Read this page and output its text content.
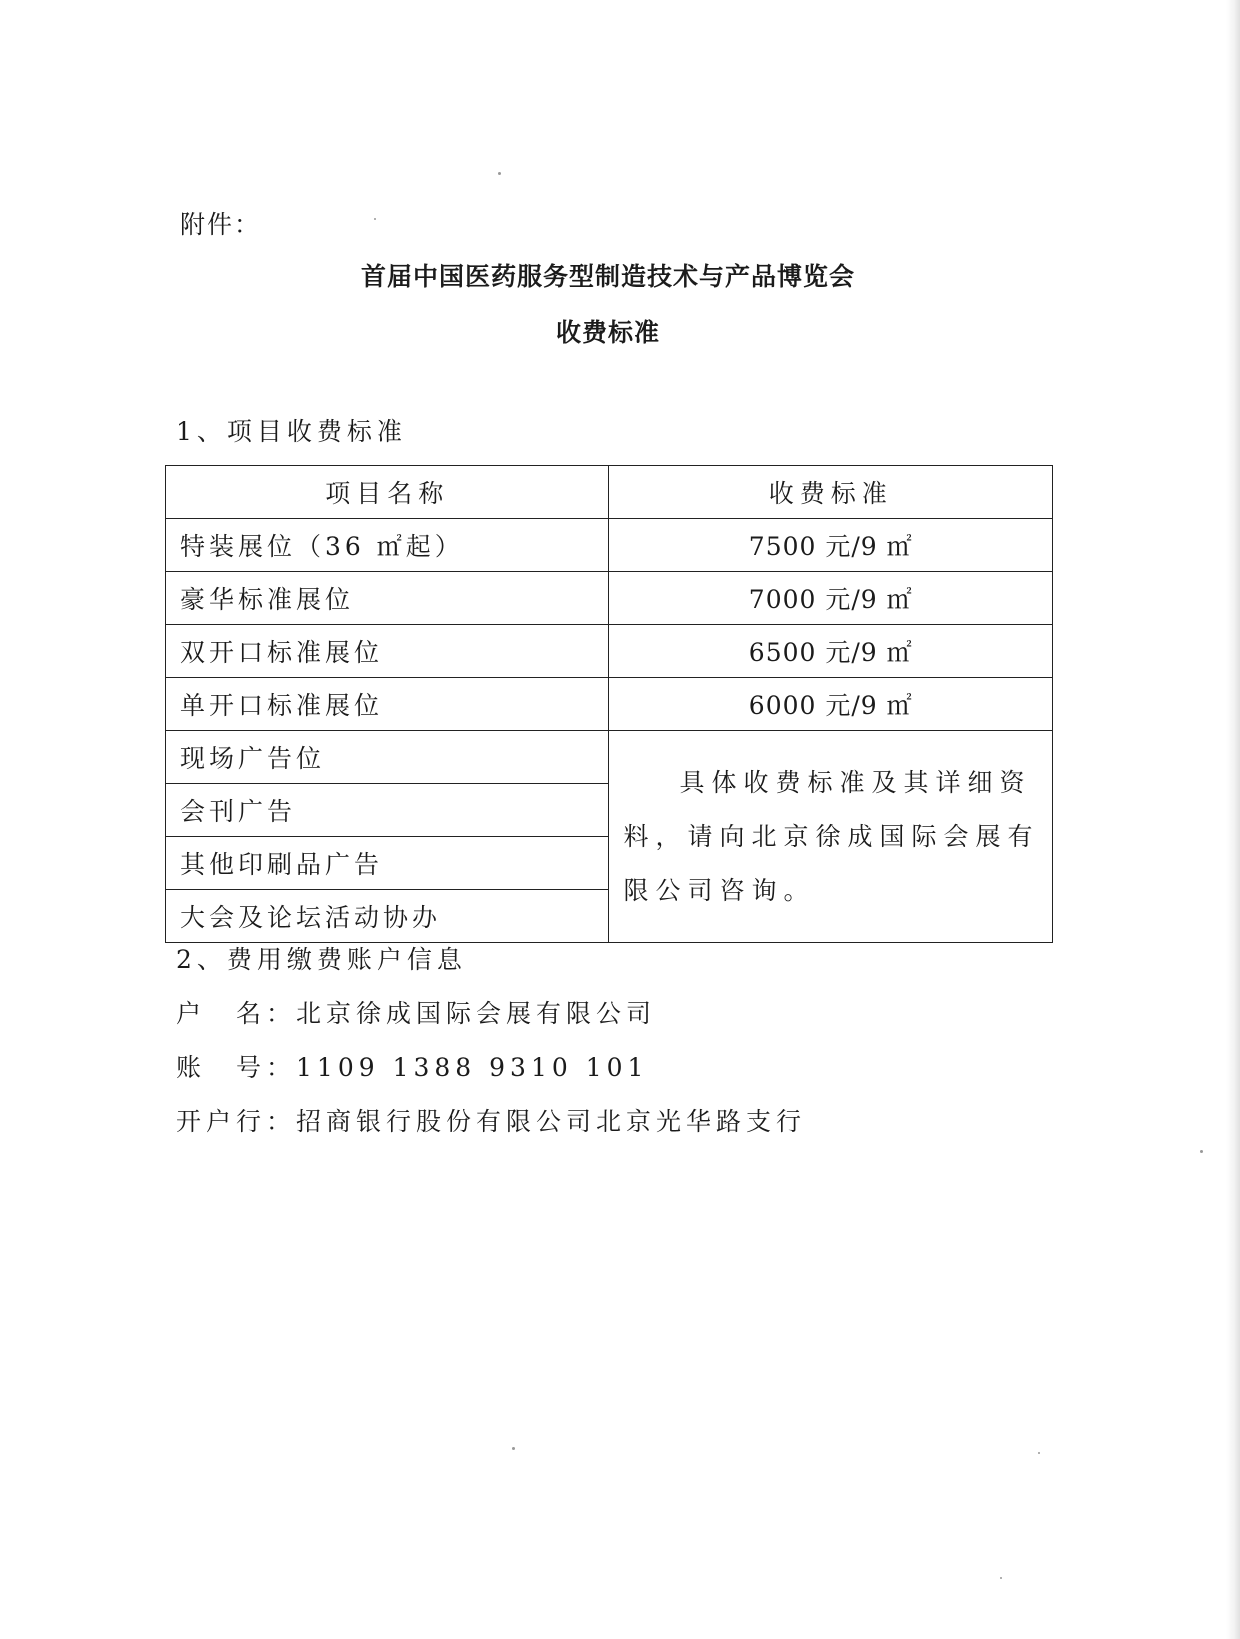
附件：
首届中国医药服务型制造技术与产品博览会
收费标准
1、项目收费标准
项目名称	收费标准
特装展位（36 ㎡起）	7500 元/9 ㎡
豪华标准展位	7000 元/9 ㎡
双开口标准展位	6500 元/9 ㎡
单开口标准展位	6000 元/9 ㎡
现场广告位	具体收费标准及其详细资料，请向北京徐成国际会展有限公司咨询。
会刊广告	
其他印刷品广告	
大会及论坛活动协办	
2、费用缴费账户信息
户　名：北京徐成国际会展有限公司
账　号：1109 1388 9310 101
开户行：招商银行股份有限公司北京光华路支行
